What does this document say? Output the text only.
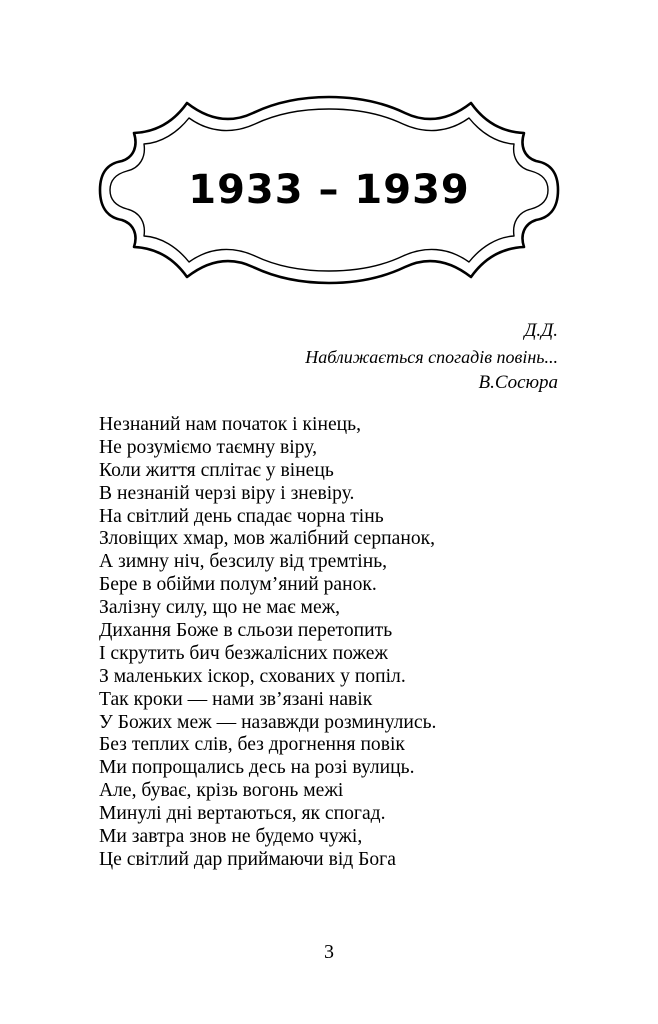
1933 – 1939
Д.Д.
Наближається спогадів повінь...
В.Сосюра
Незнаний нам початок і кінець,
Не розуміємо таємну віру,
Коли життя сплітає у вінець
В незнаній черзі віру і зневіру.
На світлий день спадає чорна тінь
Зловіщих хмар, мов жалібний серпанок,
А зимну ніч, безсилу від тремтінь,
Бере в обійми полум’яний ранок.
Залізну силу, що не має меж,
Дихання Боже в сльози перетопить
І скрутить бич безжалісних пожеж
З маленьких іскор, схованих у попіл.
Так кроки — нами зв’язані навік
У Божих меж — назавжди розминулись.
Без теплих слів, без дрогнення повік
Ми попрощались десь на розі вулиць.
Але, буває, крізь вогонь межі
Минулі дні вертаються, як спогад.
Ми завтра знов не будемо чужі,
Це світлий дар приймаючи від Бога
3
